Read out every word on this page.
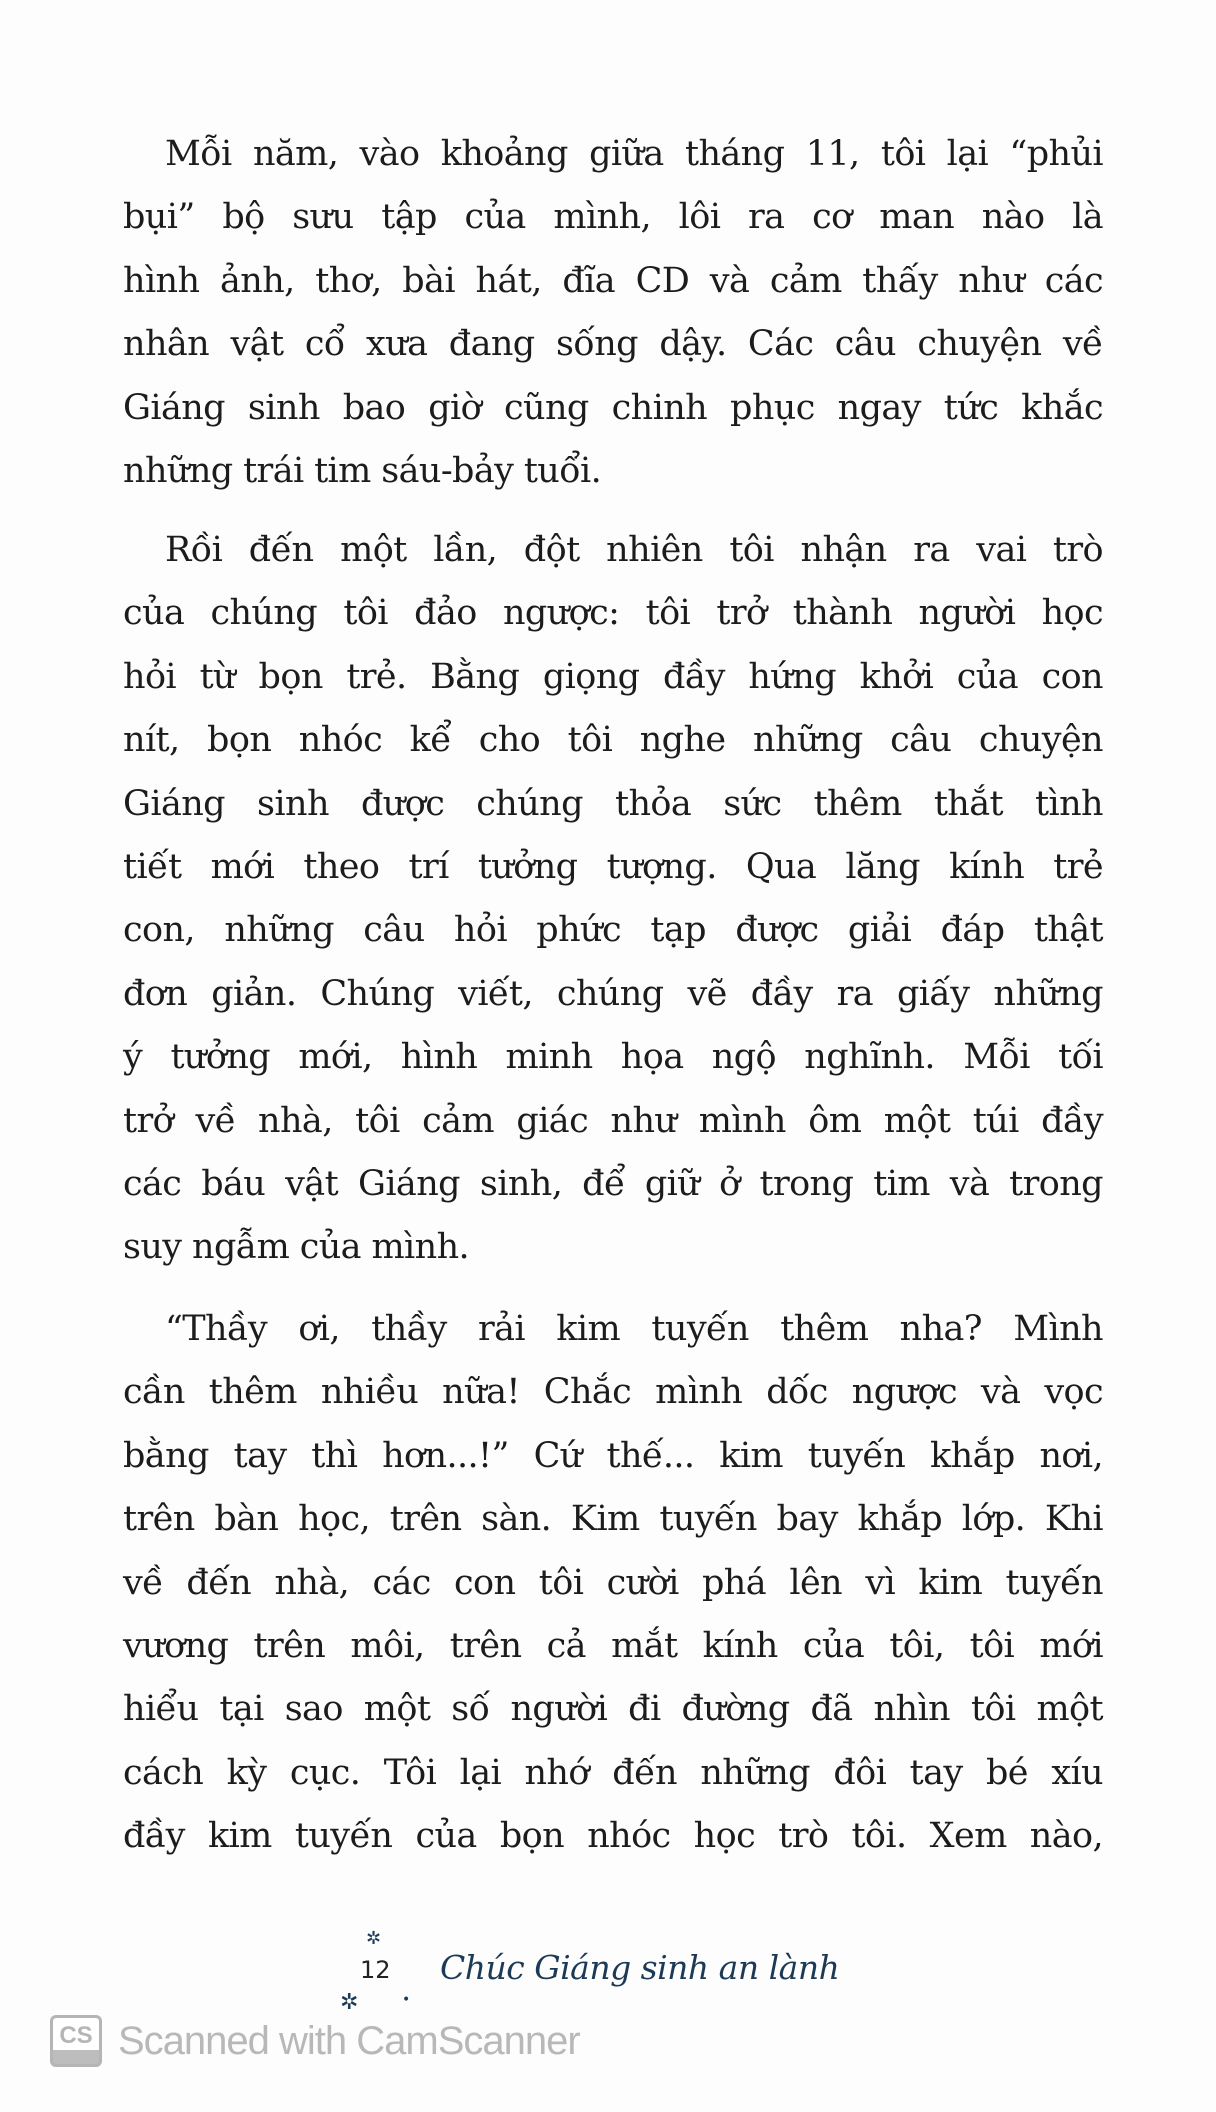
Mỗi năm, vào khoảng giữa tháng 11, tôi lại “phủi
bụi” bộ sưu tập của mình, lôi ra cơ man nào là
hình ảnh, thơ, bài hát, đĩa CD và cảm thấy như các
nhân vật cổ xưa đang sống dậy. Các câu chuyện về
Giáng sinh bao giờ cũng chinh phục ngay tức khắc
những trái tim sáu-bảy tuổi.
Rồi đến một lần, đột nhiên tôi nhận ra vai trò
của chúng tôi đảo ngược: tôi trở thành người học
hỏi từ bọn trẻ. Bằng giọng đầy hứng khởi của con
nít, bọn nhóc kể cho tôi nghe những câu chuyện
Giáng sinh được chúng thỏa sức thêm thắt tình
tiết mới theo trí tưởng tượng. Qua lăng kính trẻ
con, những câu hỏi phức tạp được giải đáp thật
đơn giản. Chúng viết, chúng vẽ đầy ra giấy những
ý tưởng mới, hình minh họa ngộ nghĩnh. Mỗi tối
trở về nhà, tôi cảm giác như mình ôm một túi đầy
các báu vật Giáng sinh, để giữ ở trong tim và trong
suy ngẫm của mình.
“Thầy ơi, thầy rải kim tuyến thêm nha? Mình
cần thêm nhiều nữa! Chắc mình dốc ngược và vọc
bằng tay thì hơn...!” Cứ thế... kim tuyến khắp nơi,
trên bàn học, trên sàn. Kim tuyến bay khắp lớp. Khi
về đến nhà, các con tôi cười phá lên vì kim tuyến
vương trên môi, trên cả mắt kính của tôi, tôi mới
hiểu tại sao một số người đi đường đã nhìn tôi một
cách kỳ cục. Tôi lại nhớ đến những đôi tay bé xíu
đầy kim tuyến của bọn nhóc học trò tôi. Xem nào,
✲
✲	•
12 Chúc Giáng sinh an lành
CS Scanned with CamScanner
